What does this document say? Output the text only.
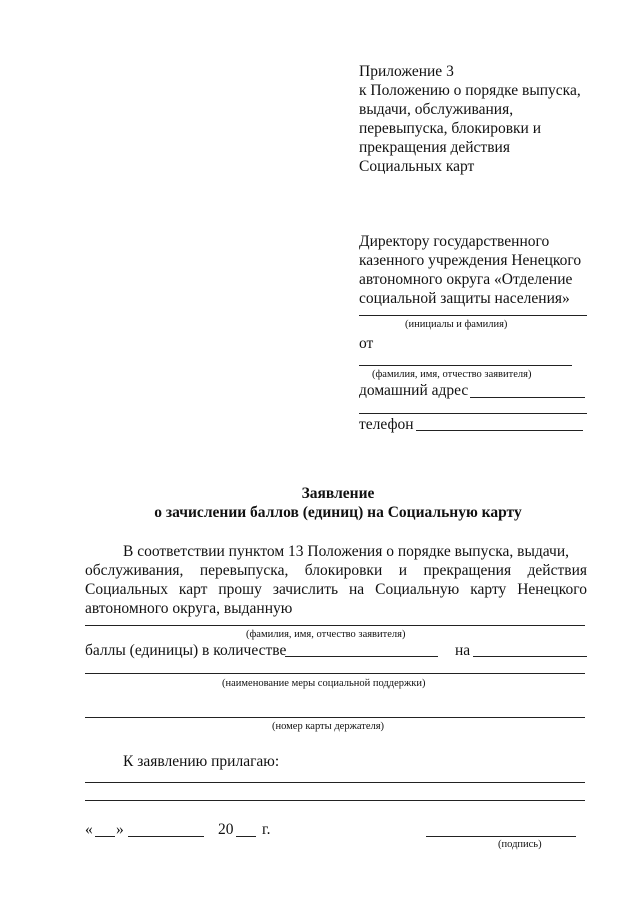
Приложение 3
к Положению о порядке выпуска,
выдачи, обслуживания,
перевыпуска, блокировки и
прекращения действия
Социальных карт
Директору государственного
казенного учреждения Ненецкого
автономного округа «Отделение
социальной защиты населения»
(инициалы и фамилия)
от
(фамилия, имя, отчество заявителя)
домашний адрес
телефон
Заявление
о зачислении баллов (единиц) на Социальную карту
В соответствии пунктом 13 Положения о порядке выпуска, выдачи,
обслуживания, перевыпуска, блокировки и прекращения действия
Социальных карт прошу зачислить на Социальную карту Ненецкого
автономного округа, выданную
(фамилия, имя, отчество заявителя)
баллы (единицы) в количестве	на
(наименование меры социальной поддержки)
(номер карты держателя)
К заявлению прилагаю:
« »	20 г.
(подпись)
